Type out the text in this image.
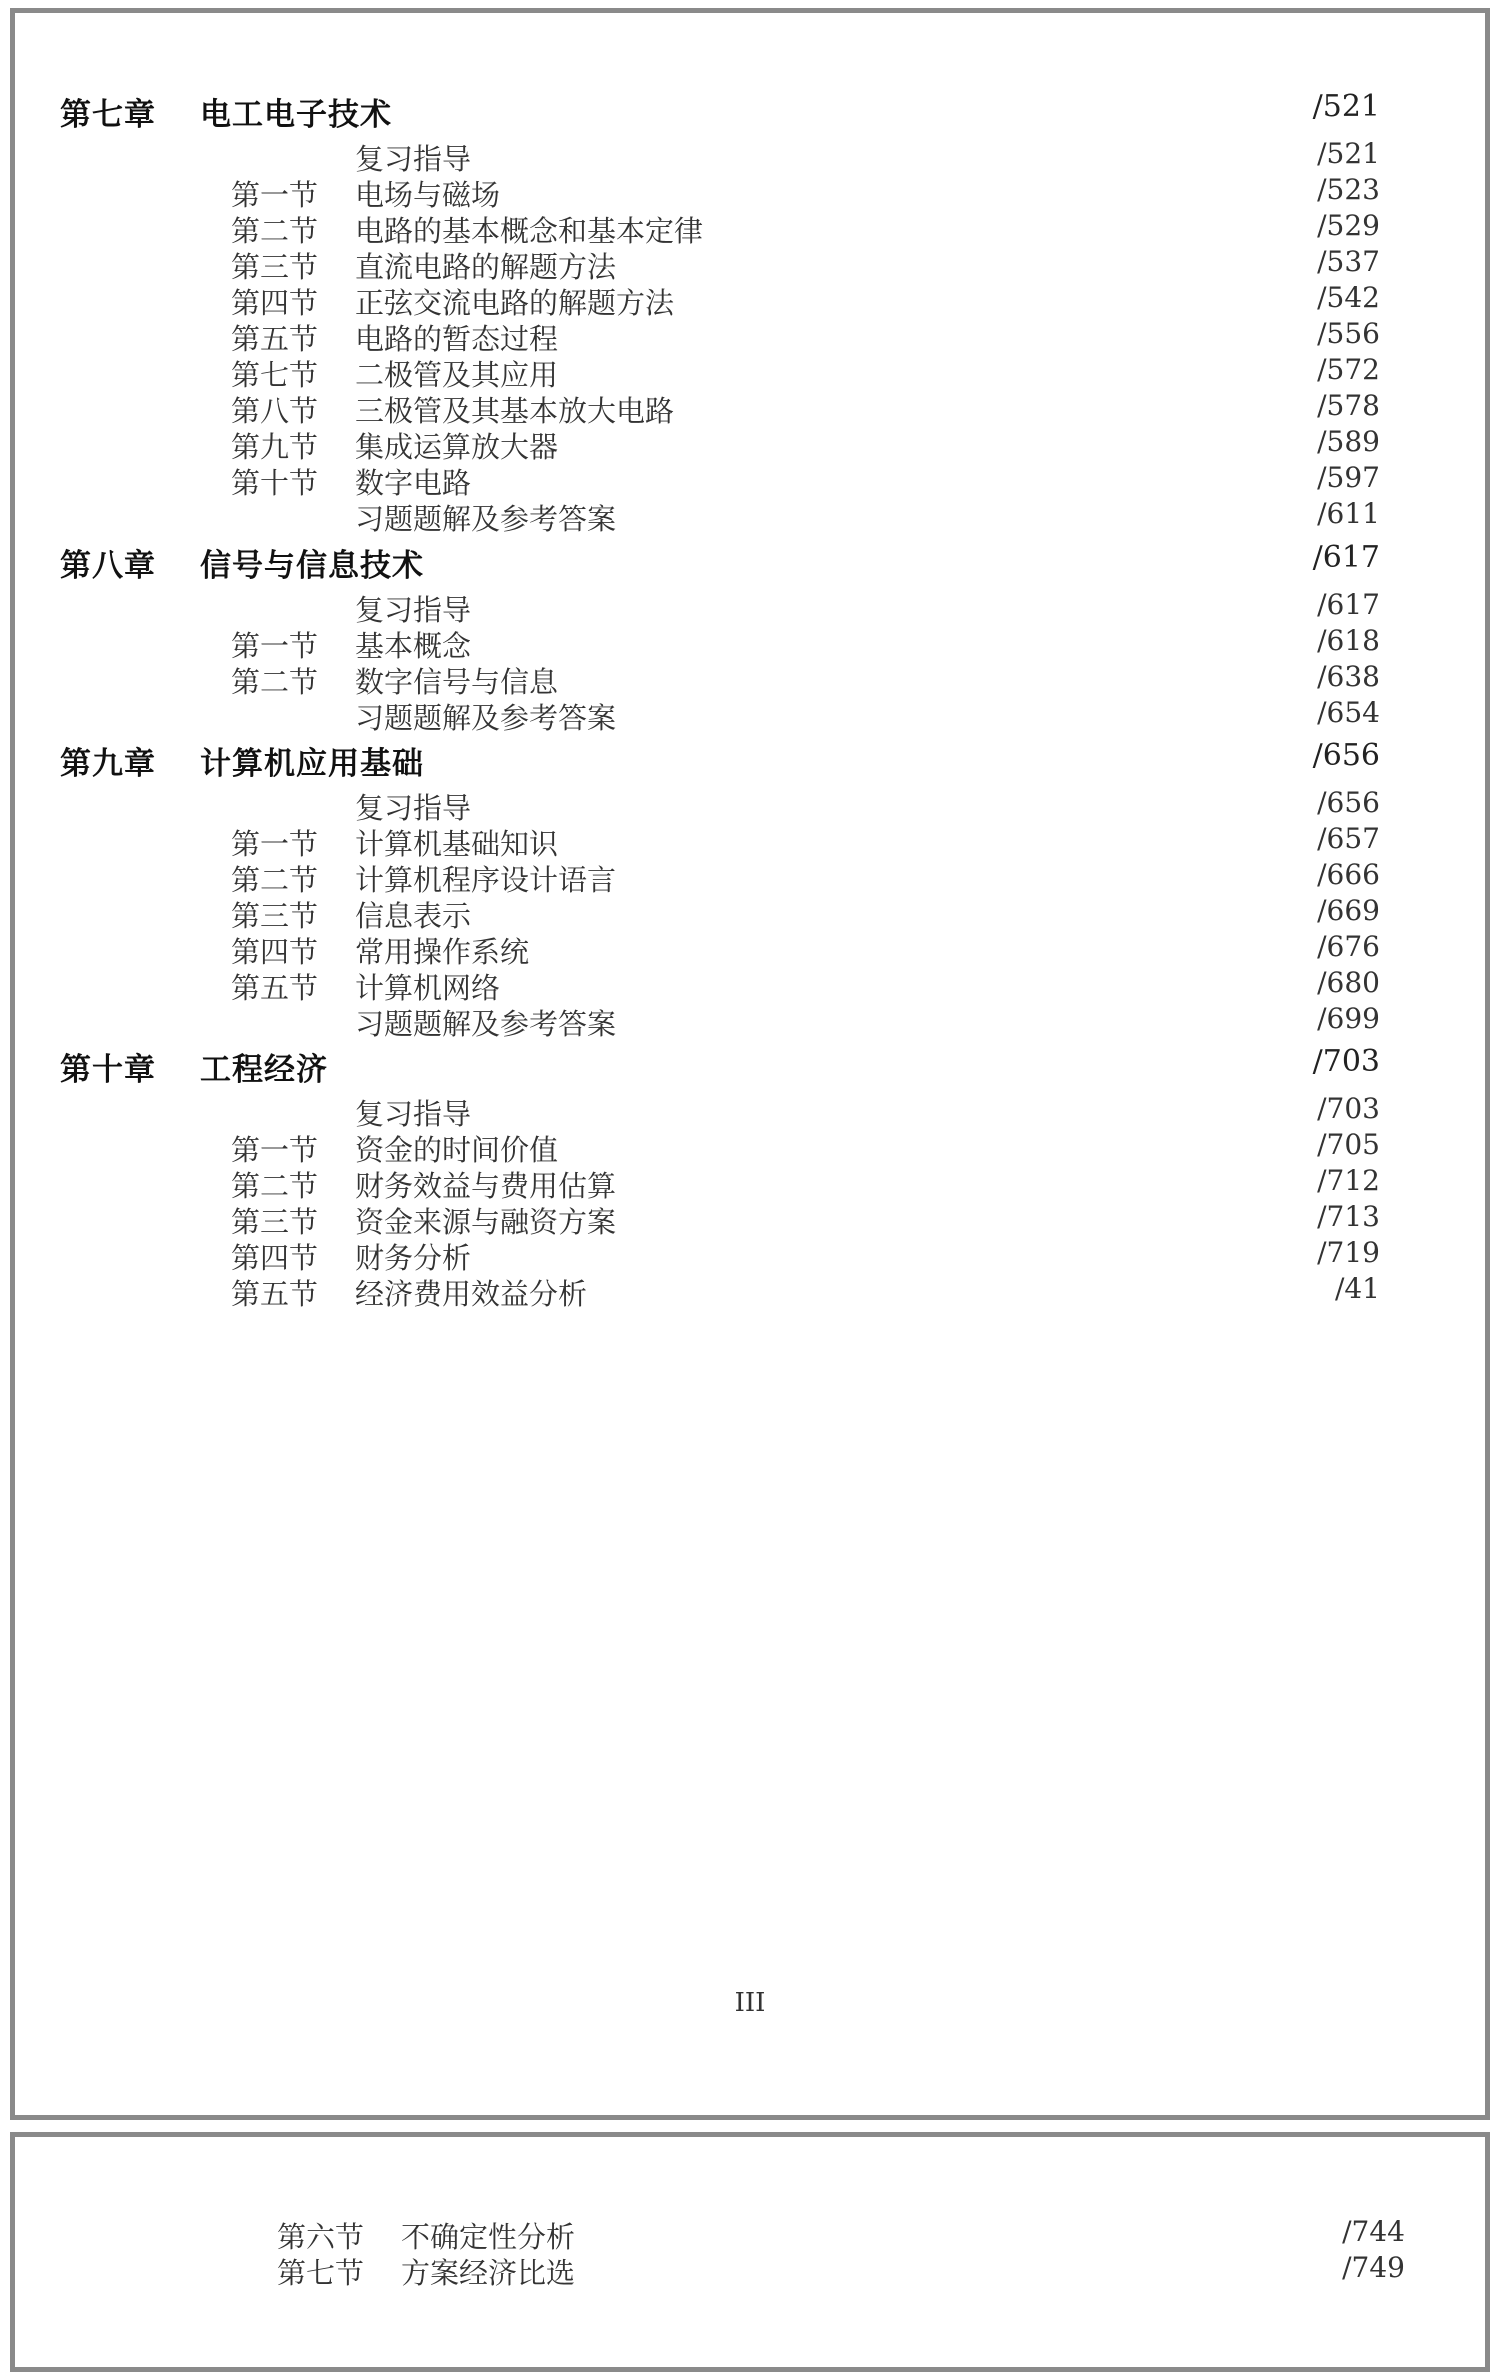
第七章 电工电子技术	/521
复习指导	/521
第一节 电场与磁场	/523
第二节 电路的基本概念和基本定律	/529
第三节 直流电路的解题方法	/537
第四节 正弦交流电路的解题方法	/542
第五节 电路的暂态过程	/556
第七节 二极管及其应用	/572
第八节 三极管及其基本放大电路	/578
第九节 集成运算放大器	/589
第十节 数字电路	/597
习题题解及参考答案	/611
第八章 信号与信息技术	/617
复习指导	/617
第一节 基本概念	/618
第二节 数字信号与信息	/638
习题题解及参考答案	/654
第九章 计算机应用基础	/656
复习指导	/656
第一节 计算机基础知识	/657
第二节 计算机程序设计语言	/666
第三节 信息表示	/669
第四节 常用操作系统	/676
第五节 计算机网络	/680
习题题解及参考答案	/699
第十章 工程经济	/703
复习指导	/703
第一节 资金的时间价值	/705
第二节 财务效益与费用估算	/712
第三节 资金来源与融资方案	/713
第四节 财务分析	/719
第五节 经济费用效益分析	/41
III
第六节 不确定性分析	/744
第七节 方案经济比选	/749
